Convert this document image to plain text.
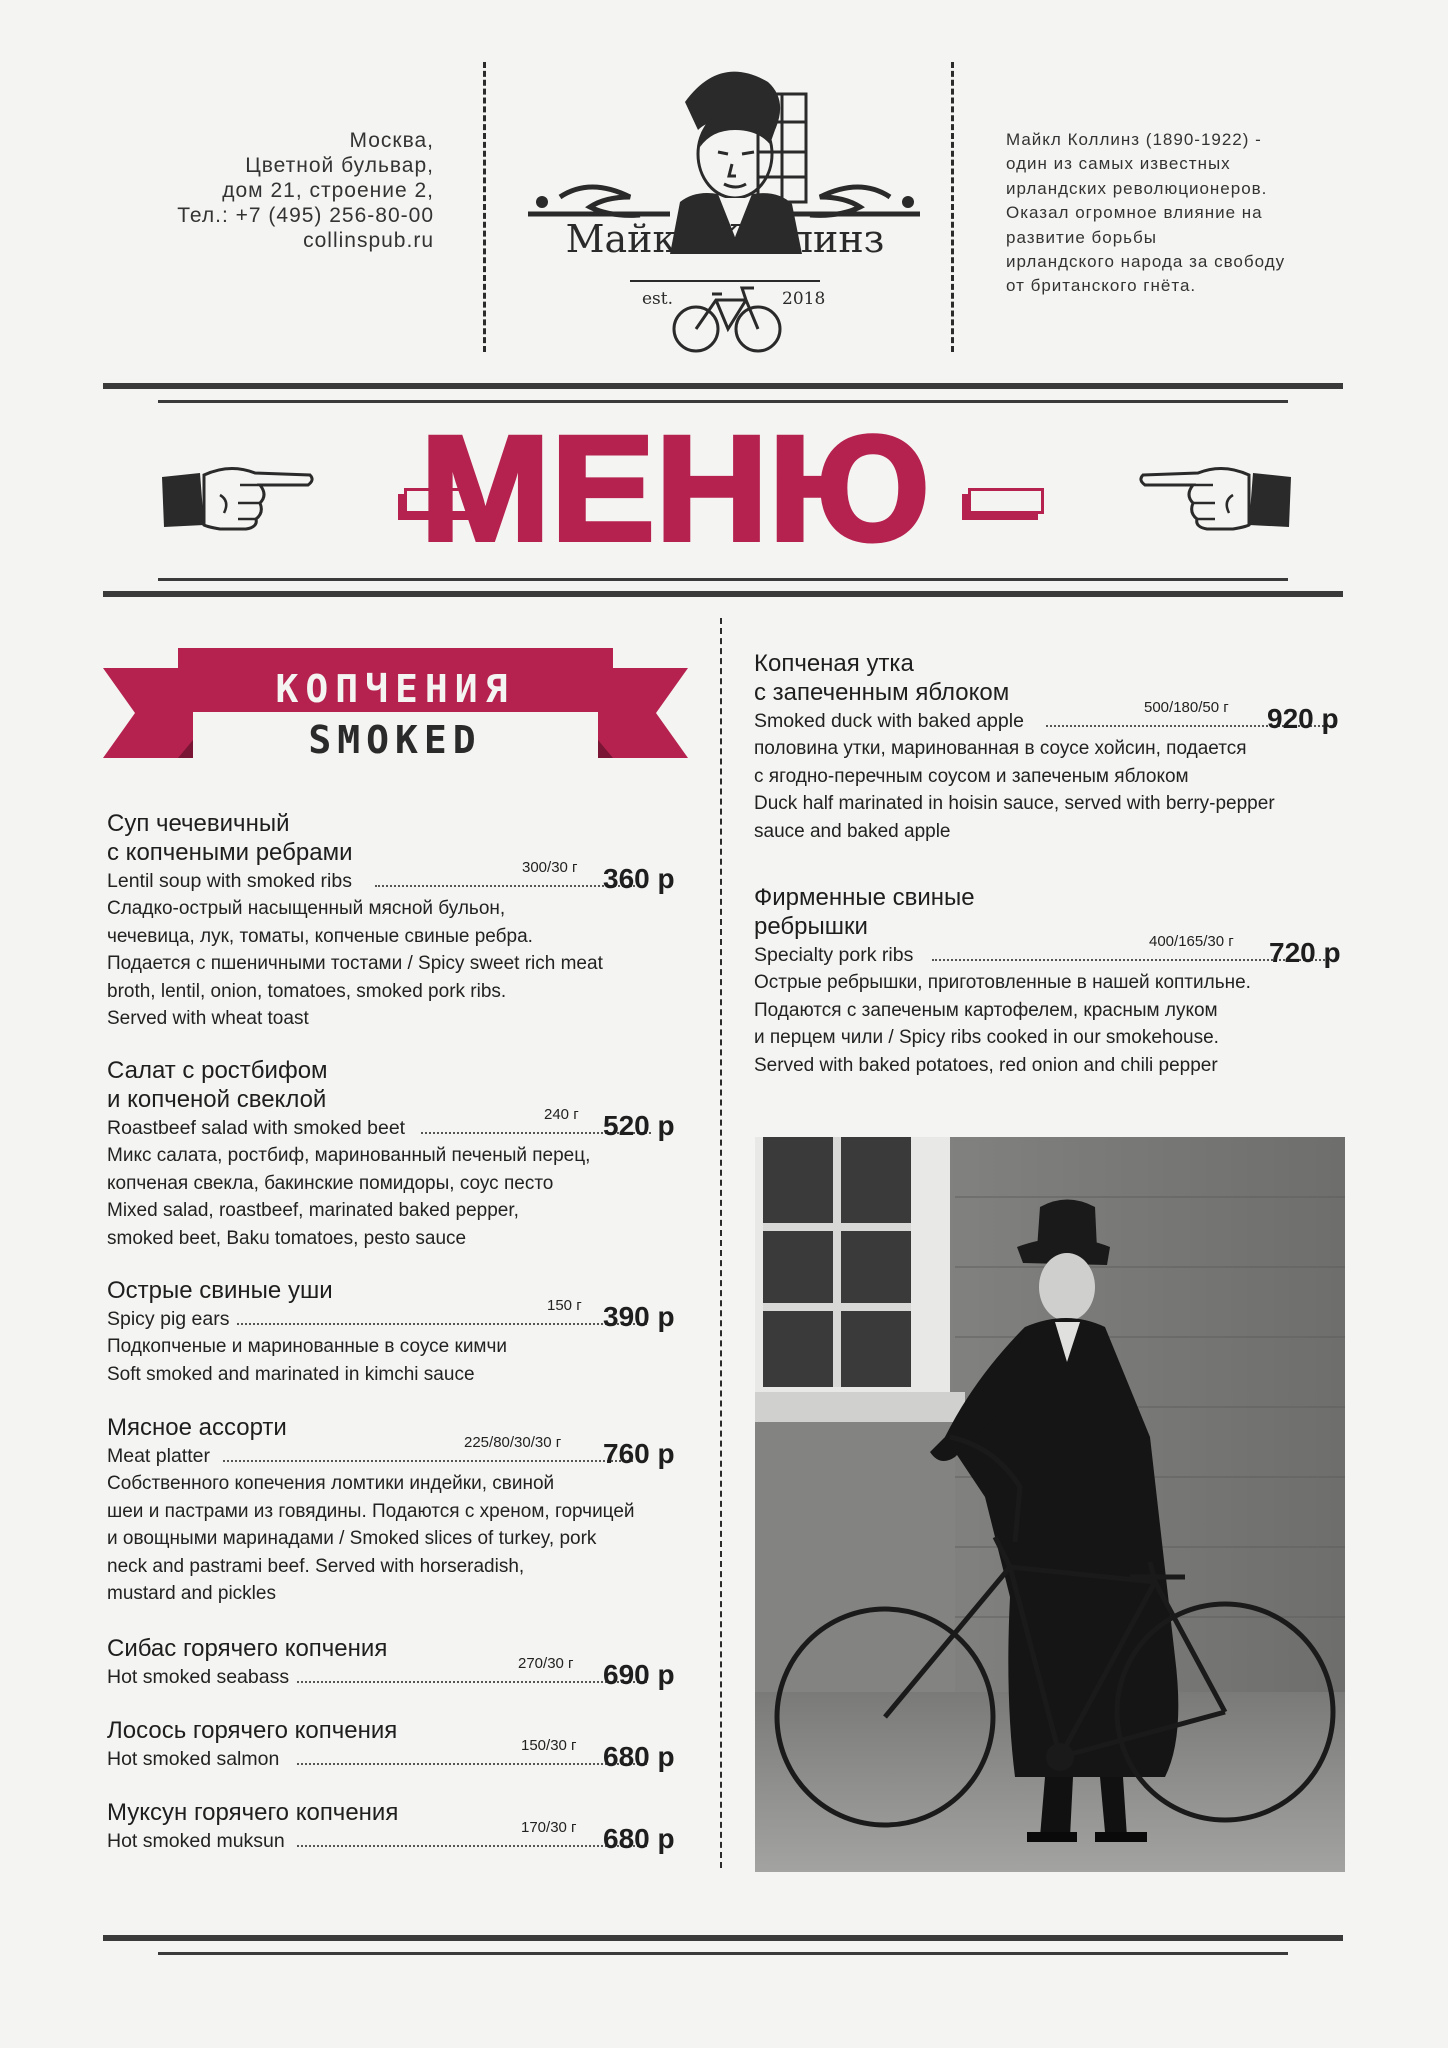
Москва,
Цветной бульвар,
дом 21, строение 2,
Тел.: +7 (495) 256-80-00
collinspub.ru	Майкл Коллинз
est.	2018
Майкл Коллинз (1890-1922) -
один из самых известных
ирландских революционеров.
Оказал огромное влияние на
развитие борьбы
ирландского народа за свободу
от британского гнёта.
МЕНЮ
КОПЧЕНИЯ
SMOKED
Суп чечевичный
с копчеными ребрами
Lentil soup with smoked ribs
300/30 г 360 р
Сладко-острый насыщенный мясной бульон,
чечевица, лук, томаты, копченые свиные ребра.
Подается с пшеничными тостами / Spicy sweet rich meat
broth, lentil, onion, tomatoes, smoked pork ribs.
Served with wheat toast
Салат с ростбифом
и копченой свеклой
Roastbeef salad with smoked beet
240 г 520 р
Микс салата, ростбиф, маринованный печеный перец,
копченая свекла, бакинские помидоры, соус песто
Mixed salad, roastbeef, marinated baked pepper,
smoked beet, Baku tomatoes, pesto sauce
Острые свиные уши
Spicy pig ears
150 г 390 р
Подкопченые и маринованные в соусе кимчи
Soft smoked and marinated in kimchi sauce
Мясное ассорти
Meat platter
225/80/30/30 г 760 р
Собственного копечения ломтики индейки, свиной
шеи и пастрами из говядины. Подаются с хреном, горчицей
и овощными маринадами / Smoked slices of turkey, pork
neck and pastrami beef. Served with horseradish,
mustard and pickles
Сибас горячего копчения
Hot smoked seabass
270/30 г 690 р
Лосось горячего копчения
Hot smoked salmon
150/30 г 680 р
Муксун горячего копчения
Hot smoked muksun
170/30 г 680 р
Копченая утка
с запеченным яблоком
Smoked duck with baked apple
500/180/50 г 920 р
половина утки, маринованная в соусе хойсин, подается
с ягодно-перечным соусом и запеченым яблоком
Duck half marinated in hoisin sauce, served with berry-pepper
sauce and baked apple
Фирменные свиные
ребрышки
Specialty pork ribs
400/165/30 г 720 р
Острые ребрышки, приготовленные в нашей коптильне.
Подаются с запеченым картофелем, красным луком
и перцем чили / Spicy ribs cooked in our smokehouse.
Served with baked potatoes, red onion and chili pepper
